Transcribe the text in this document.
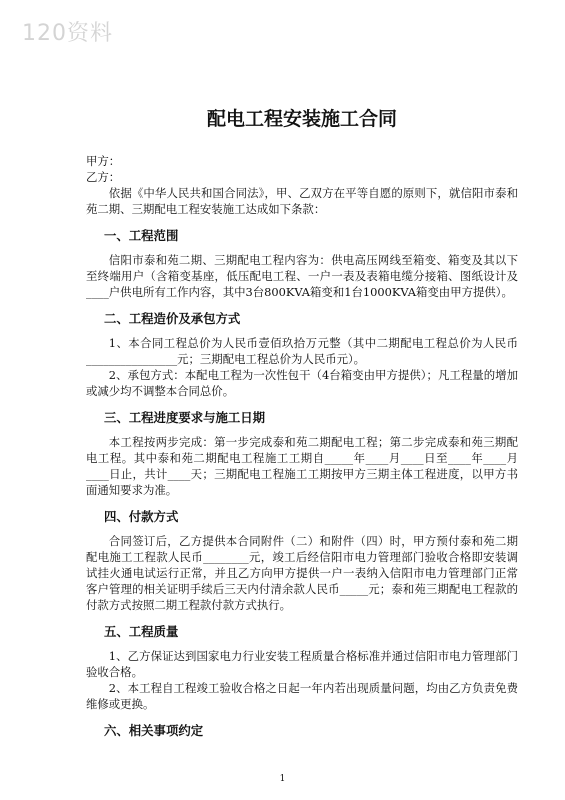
120资料
配电工程安装施工合同
甲方：
乙方：

依据《中华人民共和国合同法》，甲、乙双方在平等自愿的原则下，就信阳市泰和苑二期、三期配电工程安装施工达成如下条款：

一、工程范围

信阳市泰和苑二期、三期配电工程内容为：供电高压网线至箱变、箱变及其以下至终端用户（含箱变基座，低压配电工程、一户一表及表箱电缆分接箱、图纸设计及____户供电所有工作内容，其中3台800KVA箱变和1台1000KVA箱变由甲方提供）。

二、工程造价及承包方式

1、本合同工程总价为人民币壹佰玖拾万元整（其中二期配电工程总价为人民币________________元；三期配电工程总价为人民币元）。

2、承包方式：本配电工程为一次性包干（4台箱变由甲方提供）；凡工程量的增加或减少均不调整本合同总价。

三、工程进度要求与施工日期

本工程按两步完成：第一步完成泰和苑二期配电工程；第二步完成泰和苑三期配电工程。其中泰和苑二期配电工程施工工期自_____年____月____日至____年____月____日止，共计____天；三期配电工程施工工期按甲方三期主体工程进度，以甲方书面通知要求为准。

四、付款方式

合同签订后，乙方提供本合同附件（二）和附件（四）时，甲方预付泰和苑二期配电施工工程款人民币________元，竣工后经信阳市电力管理部门验收合格即安装调试挂火通电试运行正常，并且乙方向甲方提供一户一表纳入信阳市电力管理部门正常客户管理的相关证明手续后三天内付清余款人民币_____元；泰和苑三期配电工程款的付款方式按照二期工程款付款方式执行。

五、工程质量

1、乙方保证达到国家电力行业安装工程质量合格标准并通过信阳市电力管理部门验收合格。

2、本工程自工程竣工验收合格之日起一年内若出现质量问题，均由乙方负责免费维修或更换。

六、相关事项约定
1
